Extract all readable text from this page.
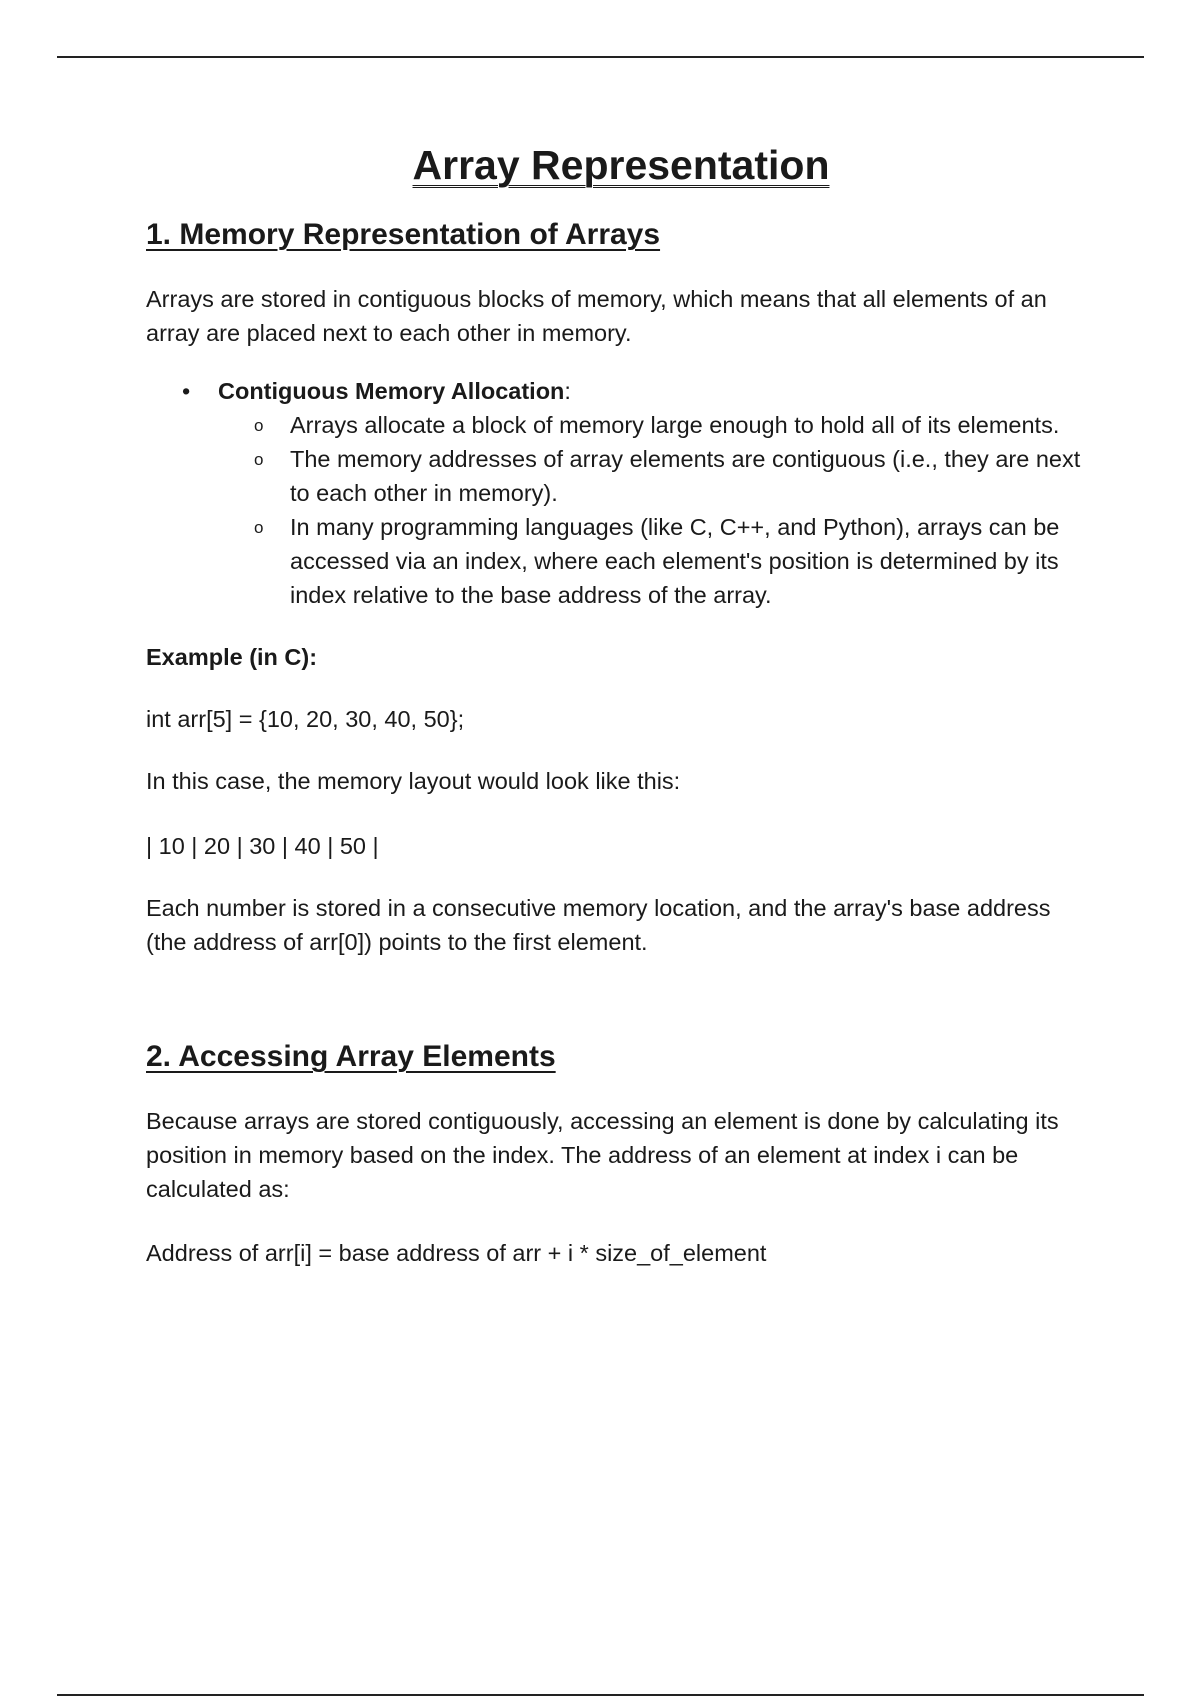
Array Representation
1. Memory Representation of Arrays

Arrays are stored in contiguous blocks of memory, which means that all elements of an array are placed next to each other in memory.

• Contiguous Memory Allocation:
o Arrays allocate a block of memory large enough to hold all of its elements.
o The memory addresses of array elements are contiguous (i.e., they are next to each other in memory).
o In many programming languages (like C, C++, and Python), arrays can be accessed via an index, where each element's position is determined by its index relative to the base address of the array.

Example (in C):

int arr[5] = {10, 20, 30, 40, 50};

In this case, the memory layout would look like this:

| 10 | 20 | 30 | 40 | 50 |

Each number is stored in a consecutive memory location, and the array's base address (the address of arr[0]) points to the first element.

2. Accessing Array Elements

Because arrays are stored contiguously, accessing an element is done by calculating its position in memory based on the index. The address of an element at index i can be calculated as:

Address of arr[i] = base address of arr + i * size_of_element
